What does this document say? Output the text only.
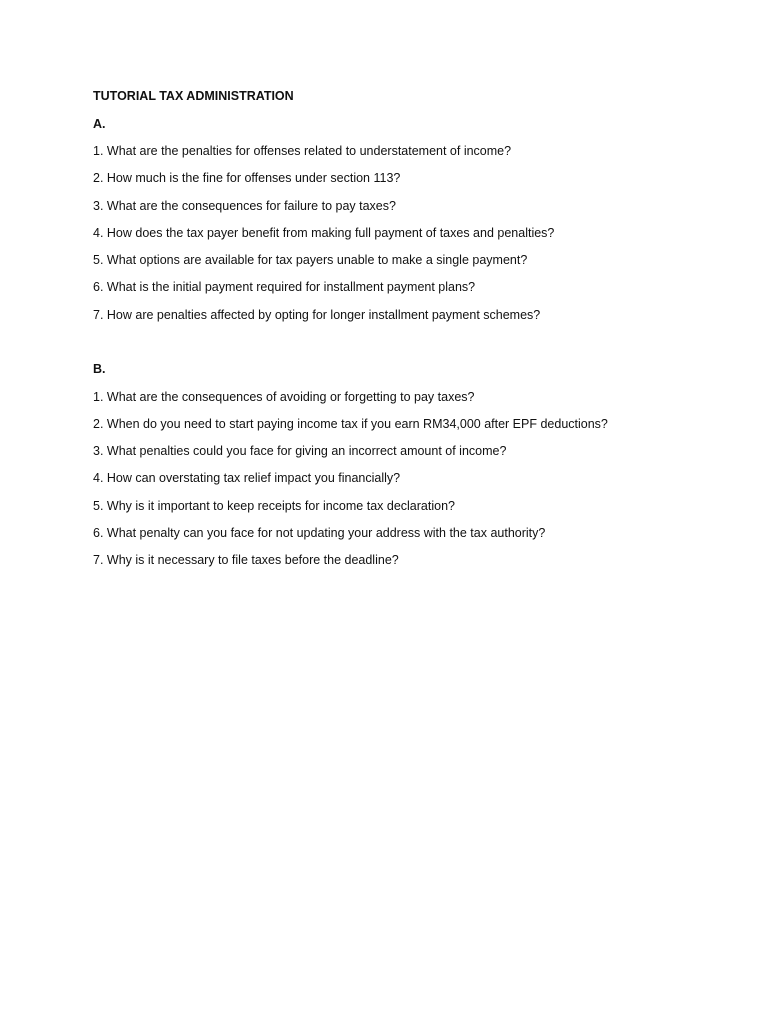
TUTORIAL TAX ADMINISTRATION

A.

1. What are the penalties for offenses related to understatement of income?

2. How much is the fine for offenses under section 113?

3. What are the consequences for failure to pay taxes?

4. How does the tax payer benefit from making full payment of taxes and penalties?

5. What options are available for tax payers unable to make a single payment?

6. What is the initial payment required for installment payment plans?

7. How are penalties affected by opting for longer installment payment schemes?

B.

1. What are the consequences of avoiding or forgetting to pay taxes?

2. When do you need to start paying income tax if you earn RM34,000 after EPF deductions?

3. What penalties could you face for giving an incorrect amount of income?

4. How can overstating tax relief impact you financially?

5. Why is it important to keep receipts for income tax declaration?

6. What penalty can you face for not updating your address with the tax authority?

7. Why is it necessary to file taxes before the deadline?
